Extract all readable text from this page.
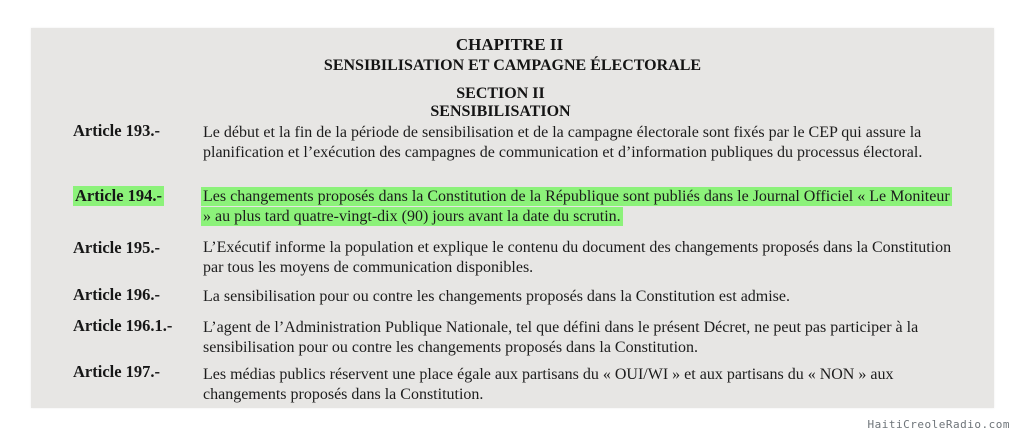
CHAPITRE II
SENSIBILISATION ET CAMPAGNE ÉLECTORALE
SECTION II
SENSIBILISATION
Article 193.-	Le début et la fin de la période de sensibilisation et de la campagne électorale sont fixés par le CEP qui assure la planification et l’exécution des campagnes de communication et d’information publiques du processus électoral.

Article 194.-	Les changements proposés dans la Constitution de la République sont publiés dans le Journal Officiel « Le Moniteur » au plus tard quatre-vingt-dix (90) jours avant la date du scrutin.

Article 195.-	L’Exécutif informe la population et explique le contenu du document des changements proposés dans la Constitution par tous les moyens de communication disponibles.

Article 196.-	La sensibilisation pour ou contre les changements proposés dans la Constitution est admise.

Article 196.1.- L’agent de l’Administration Publique Nationale, tel que défini dans le présent Décret, ne peut pas participer à la sensibilisation pour ou contre les changements proposés dans la Constitution.

Article 197.-	Les médias publics réservent une place égale aux partisans du « OUI/WI » et aux partisans du « NON » aux changements proposés dans la Constitution.

HaitiCreoleRadio.com
